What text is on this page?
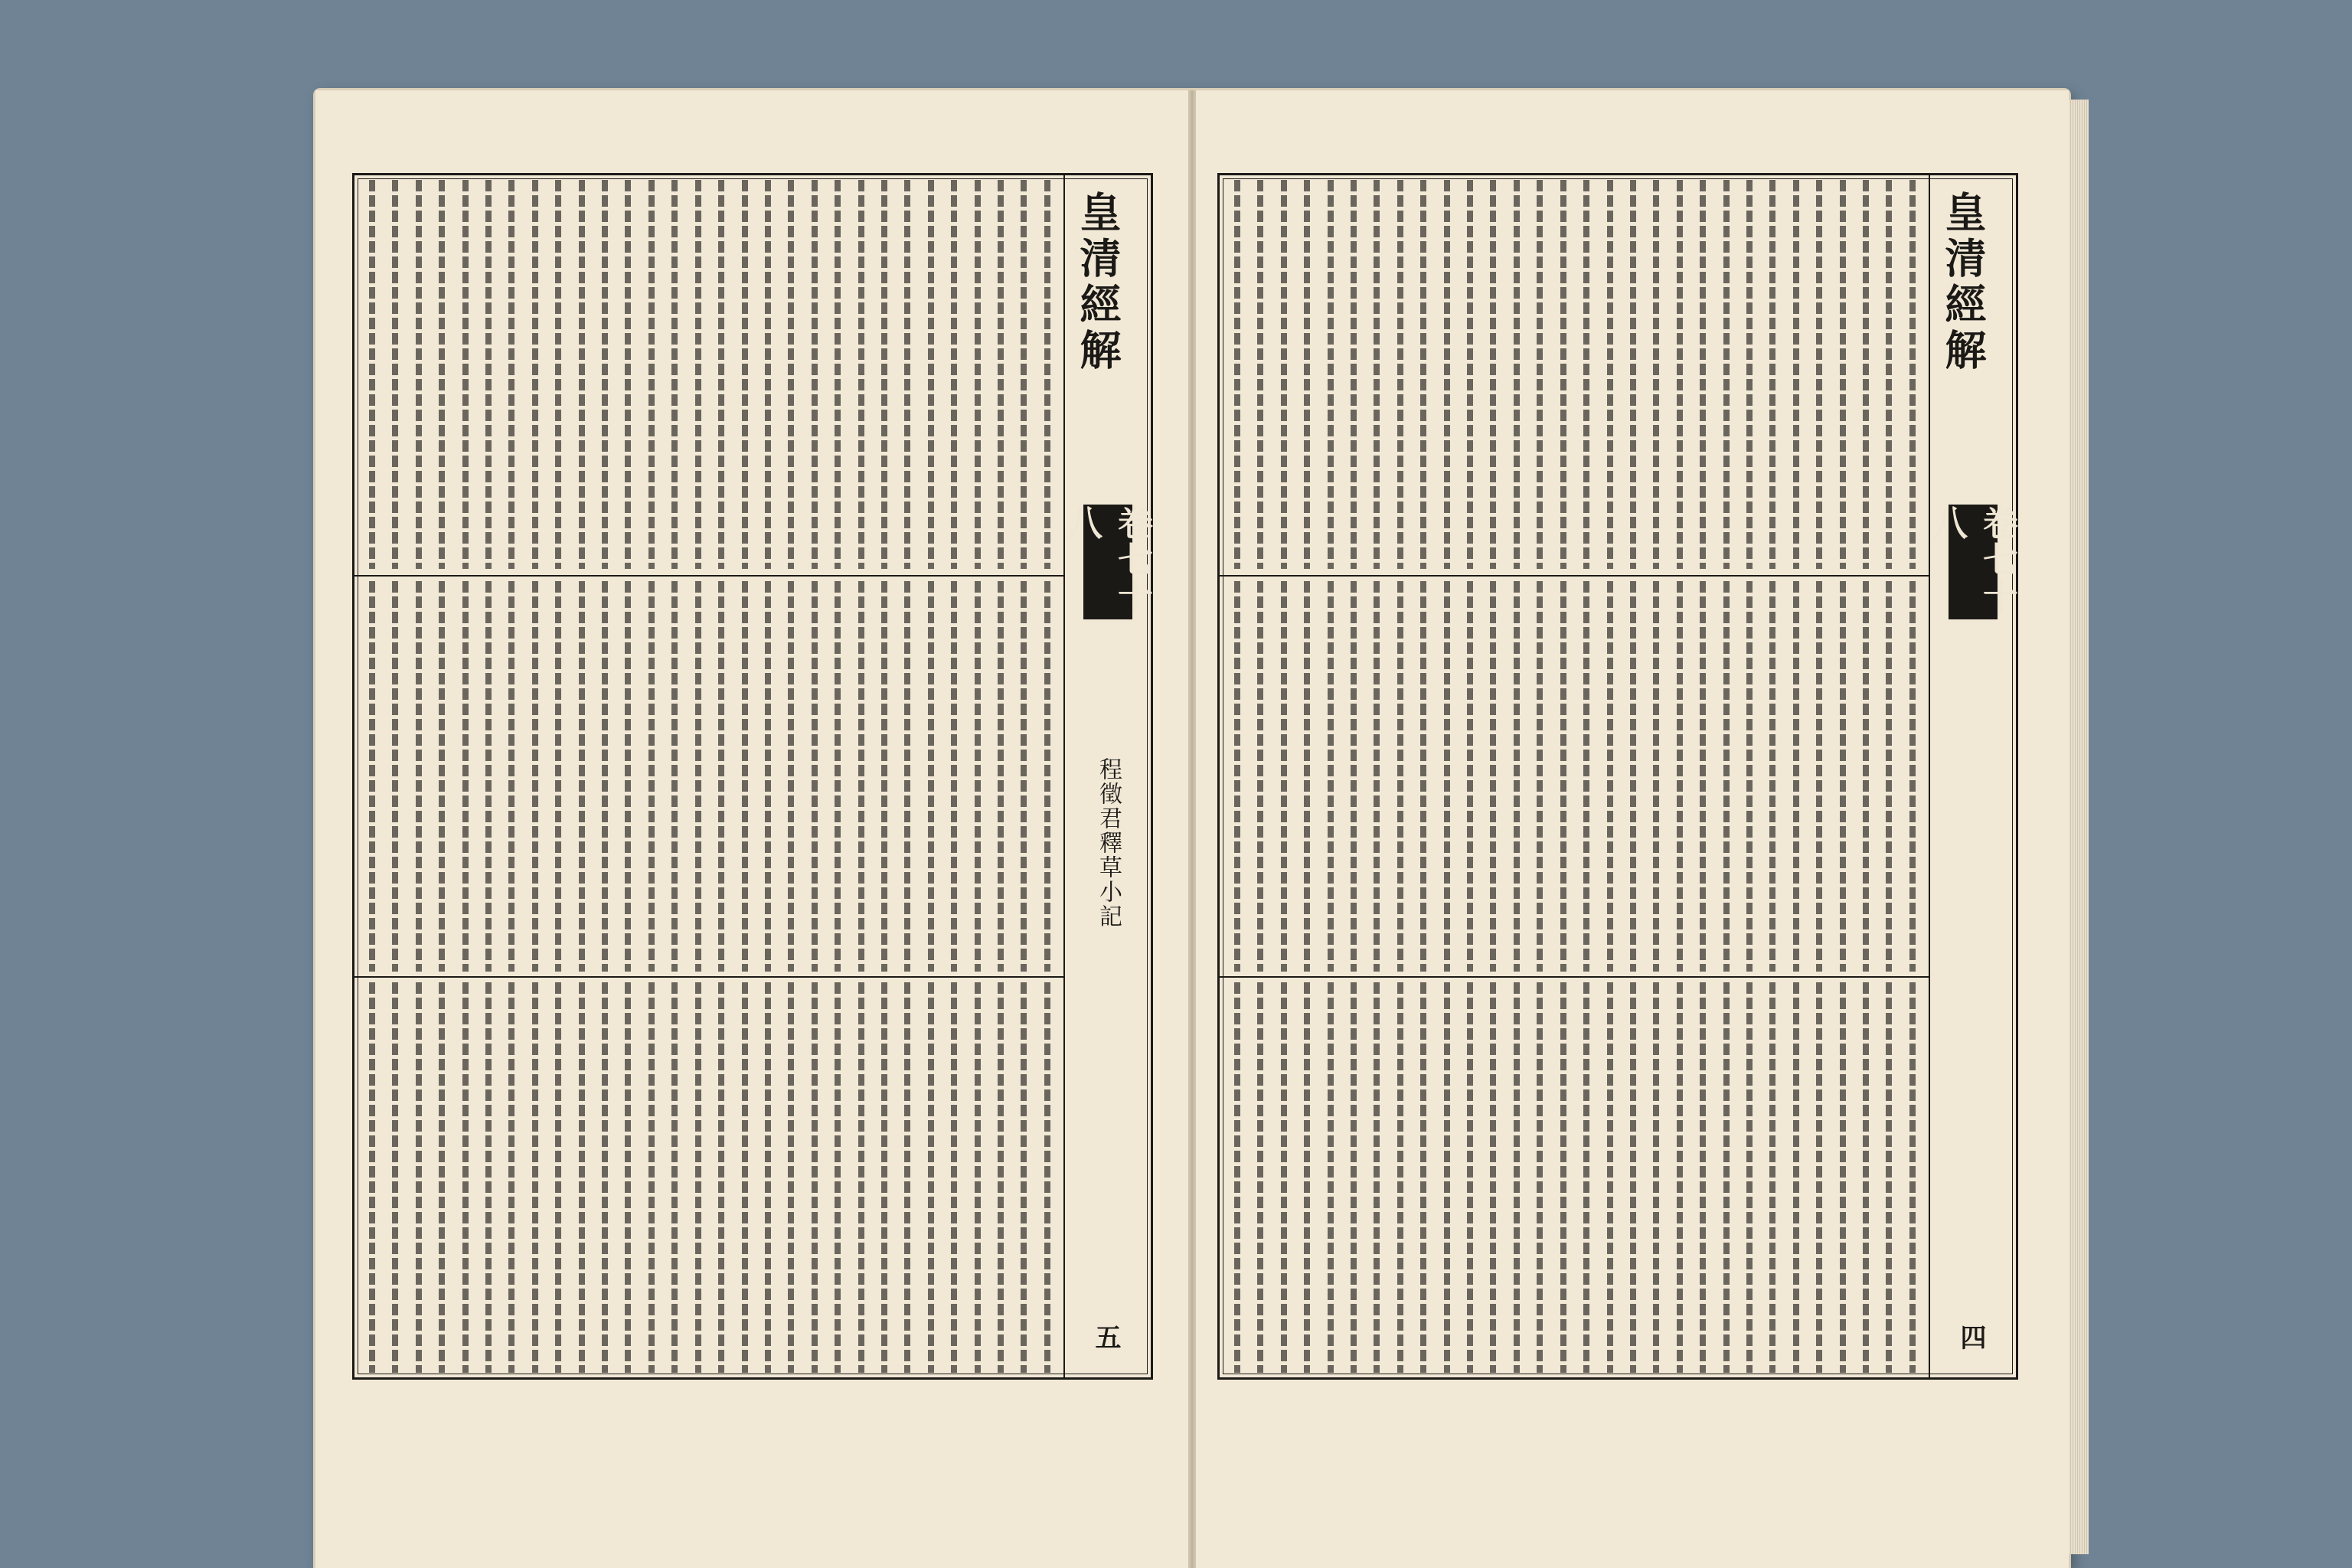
皇清經解
卷七十八
程徵君釋草小記
五
皇清經解
卷七十八
四
